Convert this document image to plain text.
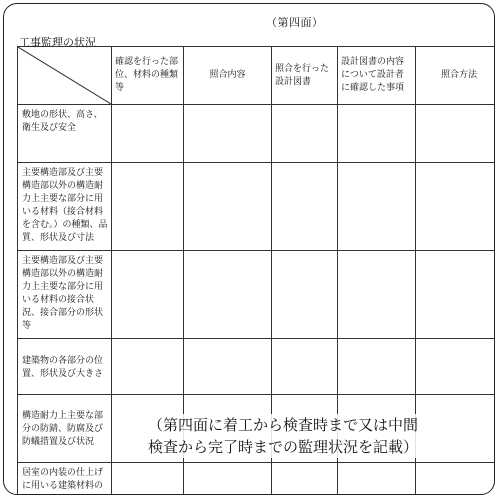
（第四面）
工事監理の状況
	確認を行った部位、材料の種類等	照合内容	照合を行った設計図書	設計図書の内容について設計者に確認した事項	照合方法
敷地の形状、高さ、衛生及び安全					
主要構造部及び主要構造部以外の構造耐力上主要な部分に用いる材料（接合材料を含む。）の種類、品質、形状及び寸法					
主要構造部及び主要構造部以外の構造耐力上主要な部分に用いる材料の接合状況、接合部分の形状等					
建築物の各部分の位置、形状及び大きさ					
構造耐力上主要な部分の防錆、防腐及び防蟻措置及び状況					
居室の内装の仕上げに用いる建築材料の					
（第四面に着工から検査時まで又は中間
検査から完了時までの監理状況を記載）
